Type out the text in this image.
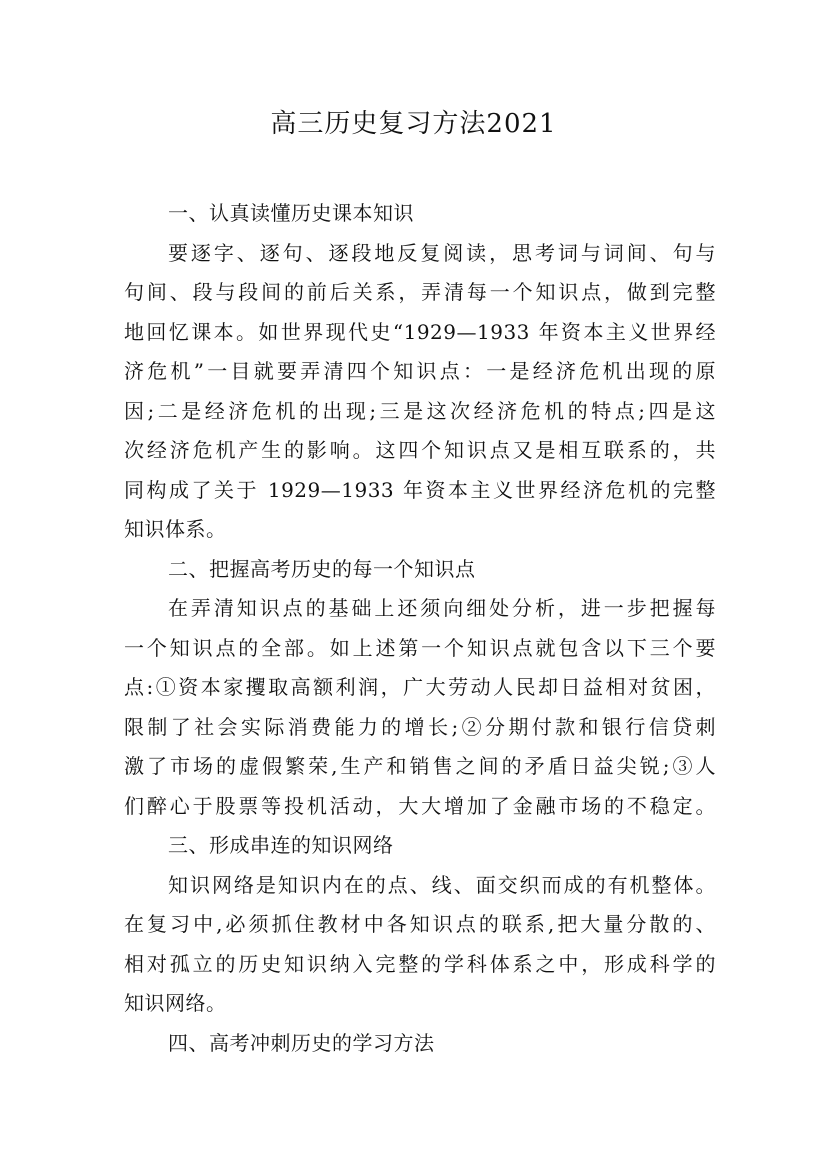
高三历史复习方法2021
一、认真读懂历史课本知识
要逐字、逐句、逐段地反复阅读，思考词与词间、句与
句间、段与段间的前后关系，弄清每一个知识点，做到完整
地回忆课本。如世界现代史“1929—1933 年资本主义世界经
济危机”一目就要弄清四个知识点：一是经济危机出现的原
因;二是经济危机的出现;三是这次经济危机的特点;四是这
次经济危机产生的影响。这四个知识点又是相互联系的，共
同构成了关于 1929—1933 年资本主义世界经济危机的完整
知识体系。
二、把握高考历史的每一个知识点
在弄清知识点的基础上还须向细处分析，进一步把握每
一个知识点的全部。如上述第一个知识点就包含以下三个要
点:①资本家攫取高额利润，广大劳动人民却日益相对贫困，
限制了社会实际消费能力的增长;②分期付款和银行信贷刺
激了市场的虚假繁荣,生产和销售之间的矛盾日益尖锐;③人
们醉心于股票等投机活动，大大增加了金融市场的不稳定。
三、形成串连的知识网络
知识网络是知识内在的点、线、面交织而成的有机整体。
在复习中,必须抓住教材中各知识点的联系,把大量分散的、
相对孤立的历史知识纳入完整的学科体系之中，形成科学的
知识网络。
四、高考冲刺历史的学习方法
